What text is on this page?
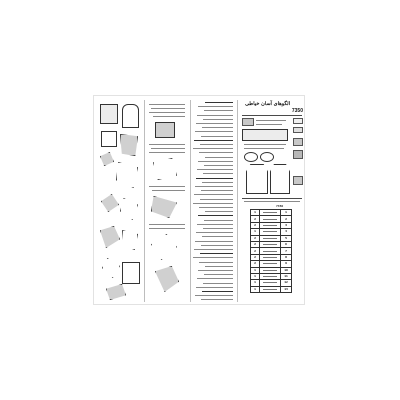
الگوهای آسان خیاطی
7350
7350
1		1
2		2
2		3
1		4
2		5
2		6
2		7
2		8
2		9
1		10
1		11
1		12
1		13
